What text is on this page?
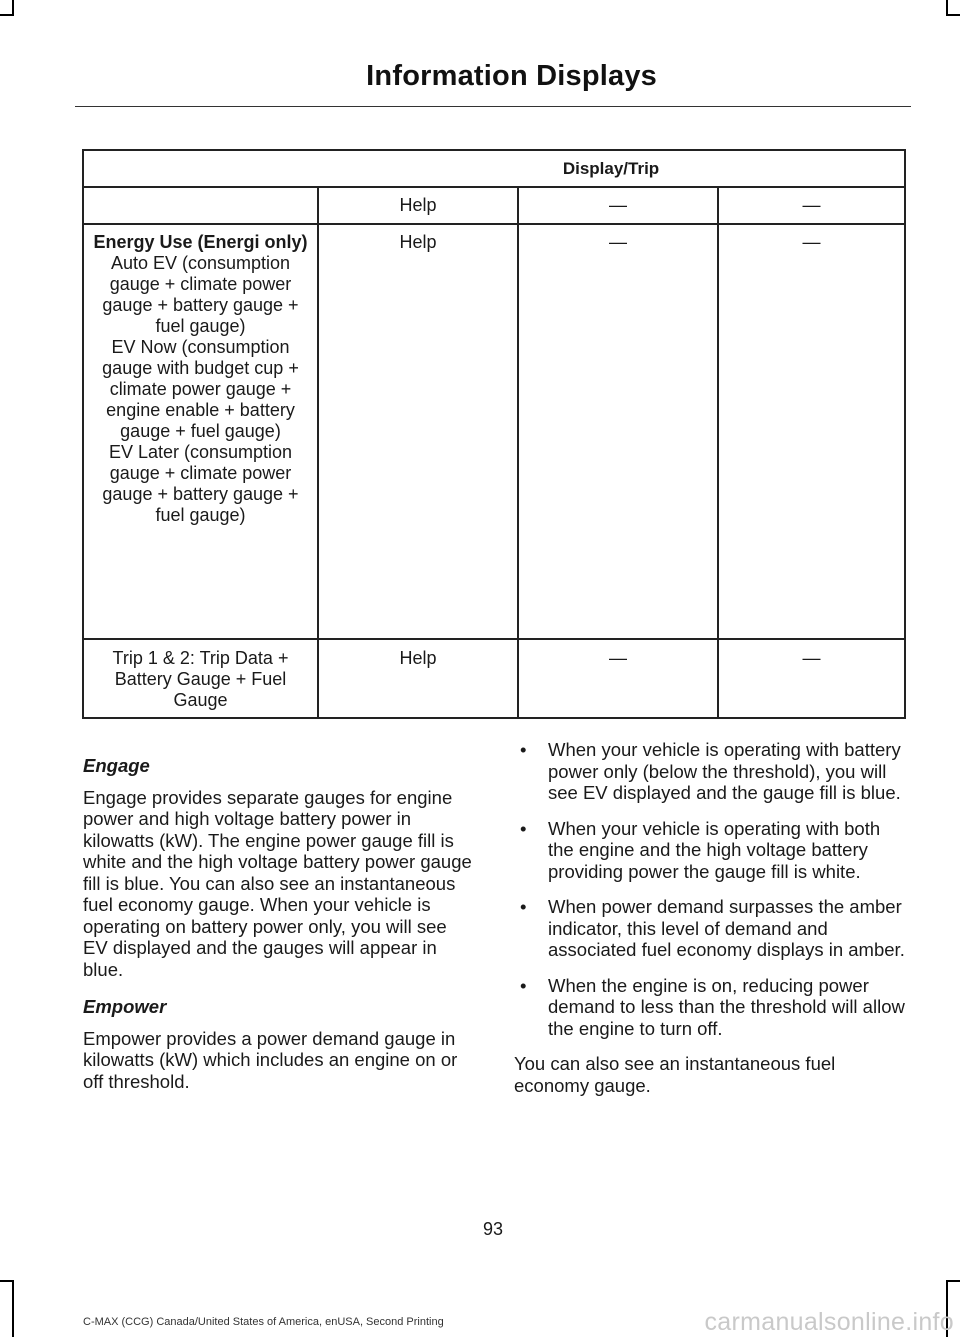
Information Displays
	Display/Trip		
	Help	—	—

Energy Use (Energi only)
Auto EV (consumption gauge + climate power gauge + battery gauge + fuel gauge)
EV Now (consumption gauge with budget cup + climate power gauge + engine enable + battery gauge + fuel gauge)
EV Later (consumption gauge + climate power gauge + battery gauge + fuel gauge)	Help	—	—

Trip 1 & 2: Trip Data + Battery Gauge + Fuel Gauge	Help	—	—

Engage

Engage provides separate gauges for engine power and high voltage battery power in kilowatts (kW). The engine power gauge fill is white and the high voltage battery power gauge fill is blue. You can also see an instantaneous fuel economy gauge. When your vehicle is operating on battery power only, you will see EV displayed and the gauges will appear in blue.

Empower

Empower provides a power demand gauge in kilowatts (kW) which includes an engine on or off threshold.

• When your vehicle is operating with battery power only (below the threshold), you will see EV displayed and the gauge fill is blue.
• When your vehicle is operating with both the engine and the high voltage battery providing power the gauge fill is white.
• When power demand surpasses the amber indicator, this level of demand and associated fuel economy displays in amber.
• When the engine is on, reducing power demand to less than the threshold will allow the engine to turn off.

You can also see an instantaneous fuel economy gauge.

93
C-MAX (CCG) Canada/United States of America, enUSA, Second Printing	carmanualsonline.info
